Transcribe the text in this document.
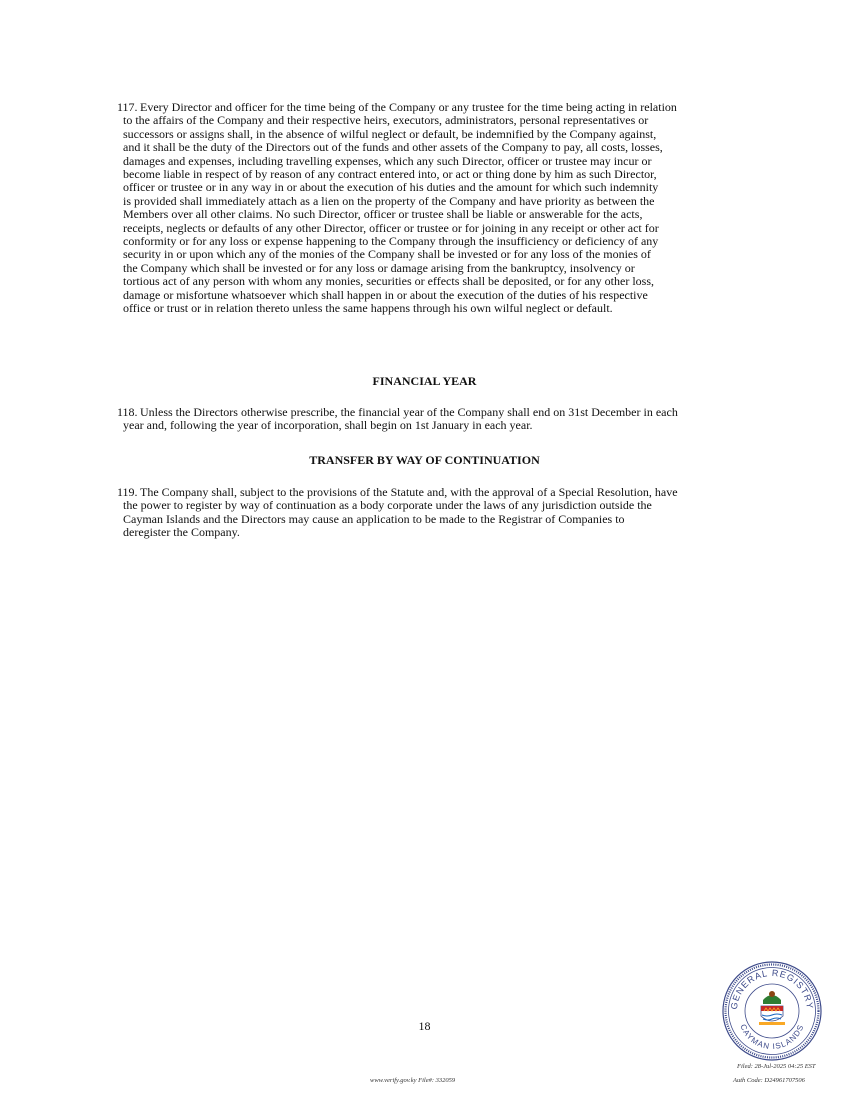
117. Every Director and officer for the time being of the Company or any trustee for the time being acting in relation
to the affairs of the Company and their respective heirs, executors, administrators, personal representatives or
successors or assigns shall, in the absence of wilful neglect or default, be indemnified by the Company against,
and it shall be the duty of the Directors out of the funds and other assets of the Company to pay, all costs, losses,
damages and expenses, including travelling expenses, which any such Director, officer or trustee may incur or
become liable in respect of by reason of any contract entered into, or act or thing done by him as such Director,
officer or trustee or in any way in or about the execution of his duties and the amount for which such indemnity
is provided shall immediately attach as a lien on the property of the Company and have priority as between the
Members over all other claims. No such Director, officer or trustee shall be liable or answerable for the acts,
receipts, neglects or defaults of any other Director, officer or trustee or for joining in any receipt or other act for
conformity or for any loss or expense happening to the Company through the insufficiency or deficiency of any
security in or upon which any of the monies of the Company shall be invested or for any loss of the monies of
the Company which shall be invested or for any loss or damage arising from the bankruptcy, insolvency or
tortious act of any person with whom any monies, securities or effects shall be deposited, or for any other loss,
damage or misfortune whatsoever which shall happen in or about the execution of the duties of his respective
office or trust or in relation thereto unless the same happens through his own wilful neglect or default.
FINANCIAL YEAR
118. Unless the Directors otherwise prescribe, the financial year of the Company shall end on 31st December in each
year and, following the year of incorporation, shall begin on 1st January in each year.
TRANSFER BY WAY OF CONTINUATION
119. The Company shall, subject to the provisions of the Statute and, with the approval of a Special Resolution, have
the power to register by way of continuation as a body corporate under the laws of any jurisdiction outside the
Cayman Islands and the Directors may cause an application to be made to the Registrar of Companies to
deregister the Company.
18
GENERAL REGISTRY
CAYMAN ISLANDS
www.verify.gov.ky File#: 332059
Filed: 28-Jul-2025 04:25 EST
Auth Code: D24961707506
